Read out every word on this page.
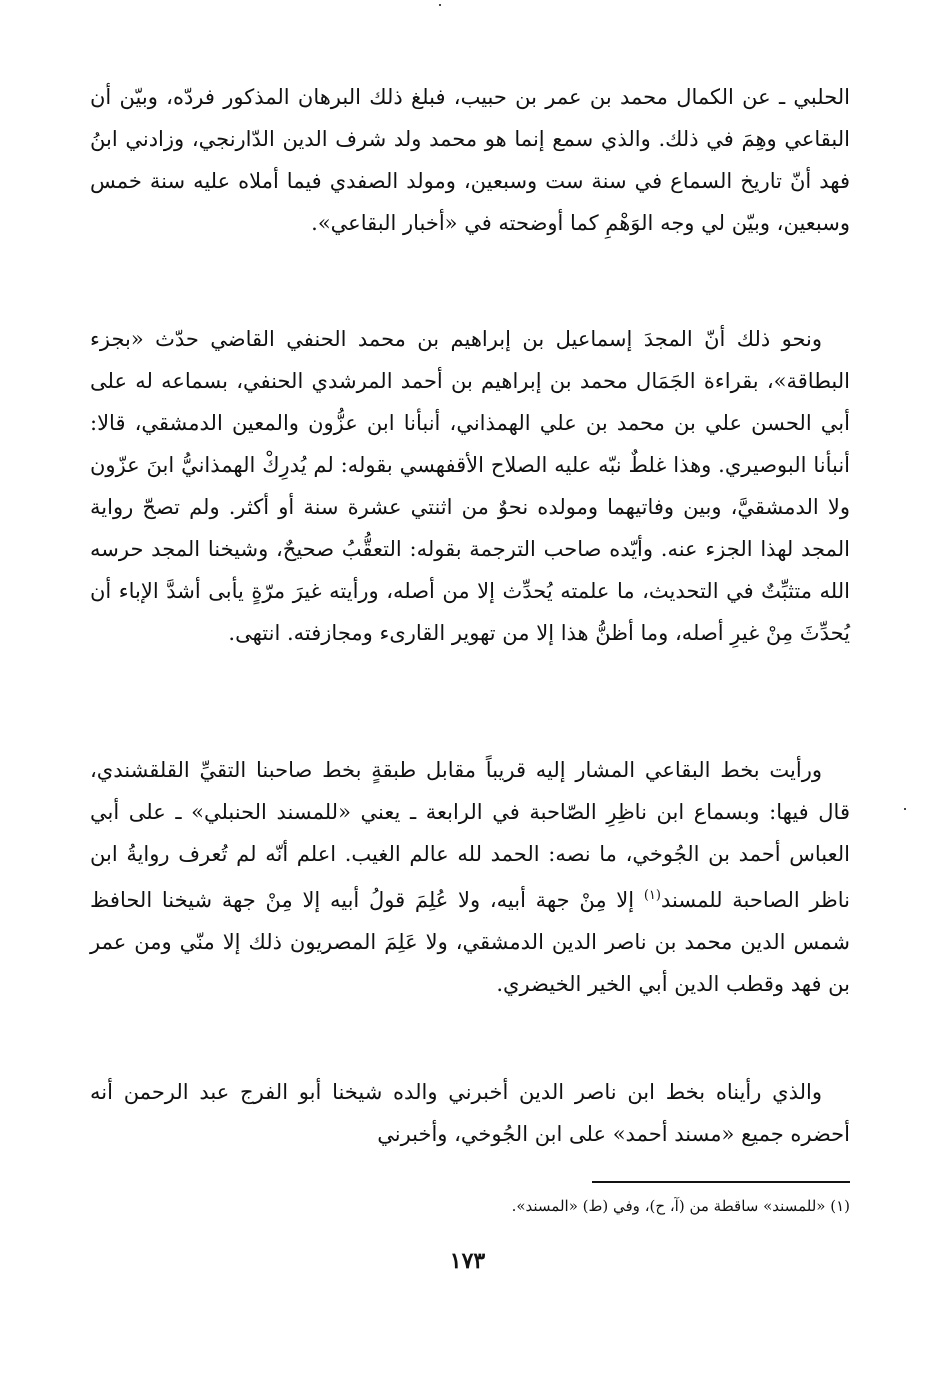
الحلبي ـ عن الكمال محمد بن عمر بن حبيب، فبلغ ذلك البرهان المذكور فردّه، وبيّن أن البقاعي وهِمَ في ذلك. والذي سمع إنما هو محمد ولد شرف الدين الدّارنجي، وزادني ابنُ فهد أنّ تاريخ السماع في سنة ست وسبعين، ومولد الصفدي فيما أملاه عليه سنة خمس وسبعين، وبيّن لي وجه الوَهْمِ كما أوضحته في «أخبار البقاعي».

ونحو ذلك أنّ المجدَ إسماعيل بن إبراهيم بن محمد الحنفي القاضي حدّث «بجزء البطاقة»، بقراءة الجَمَال محمد بن إبراهيم بن أحمد المرشدي الحنفي، بسماعه له على أبي الحسن علي بن محمد بن علي الهمذاني، أنبأنا ابن عزُّون والمعين الدمشقي، قالا: أنبأنا البوصيري. وهذا غلطٌ نبّه عليه الصلاح الأقفهسي بقوله: لم يُدرِكْ الهمذانيُّ ابنَ عزّون ولا الدمشقيَّ، وبين وفاتيهما ومولده نحوٌ من اثنتي عشرة سنة أو أكثر. ولم تصحّ رواية المجد لهذا الجزء عنه. وأيّده صاحب الترجمة بقوله: التعقُّبُ صحيحٌ، وشيخنا المجد حرسه الله متثبِّتٌ في التحديث، ما علمته يُحدِّث إلا من أصله، ورأيته غيرَ مرّةٍ يأبى أشدَّ الإباء أن يُحدِّثَ مِنْ غيرِ أصله، وما أظنُّ هذا إلا من تهوير القارىء ومجازفته. انتهى.

ورأيت بخط البقاعي المشار إليه قريباً مقابل طبقةٍ بخط صاحبنا التقيِّ القلقشندي، قال فيها: وبسماع ابن ناظِرِ الصّاحبة في الرابعة ـ يعني «للمسند الحنبلي» ـ على أبي العباس أحمد بن الجُوخي، ما نصه: الحمد لله عالم الغيب. اعلم أنّه لم تُعرف روايةُ ابن ناظر الصاحبة للمسند$^{(١)}$ إلا مِنْ جهة أبيه، ولا عُلِمَ قولُ أبيه إلا مِنْ جهة شيخنا الحافظ شمس الدين محمد بن ناصر الدين الدمشقي، ولا عَلِمَ المصريون ذلك إلا منّي ومن عمر بن فهد وقطب الدين أبي الخير الخيضري.

والذي رأيناه بخط ابن ناصر الدين أخبرني والده شيخنا أبو الفرج عبد الرحمن أنه أحضره جميع «مسند أحمد» على ابن الجُوخي، وأخبرني

(١) «للمسند» ساقطة من (آ، ح)، وفي (ط) «المسند».
١٧٣
